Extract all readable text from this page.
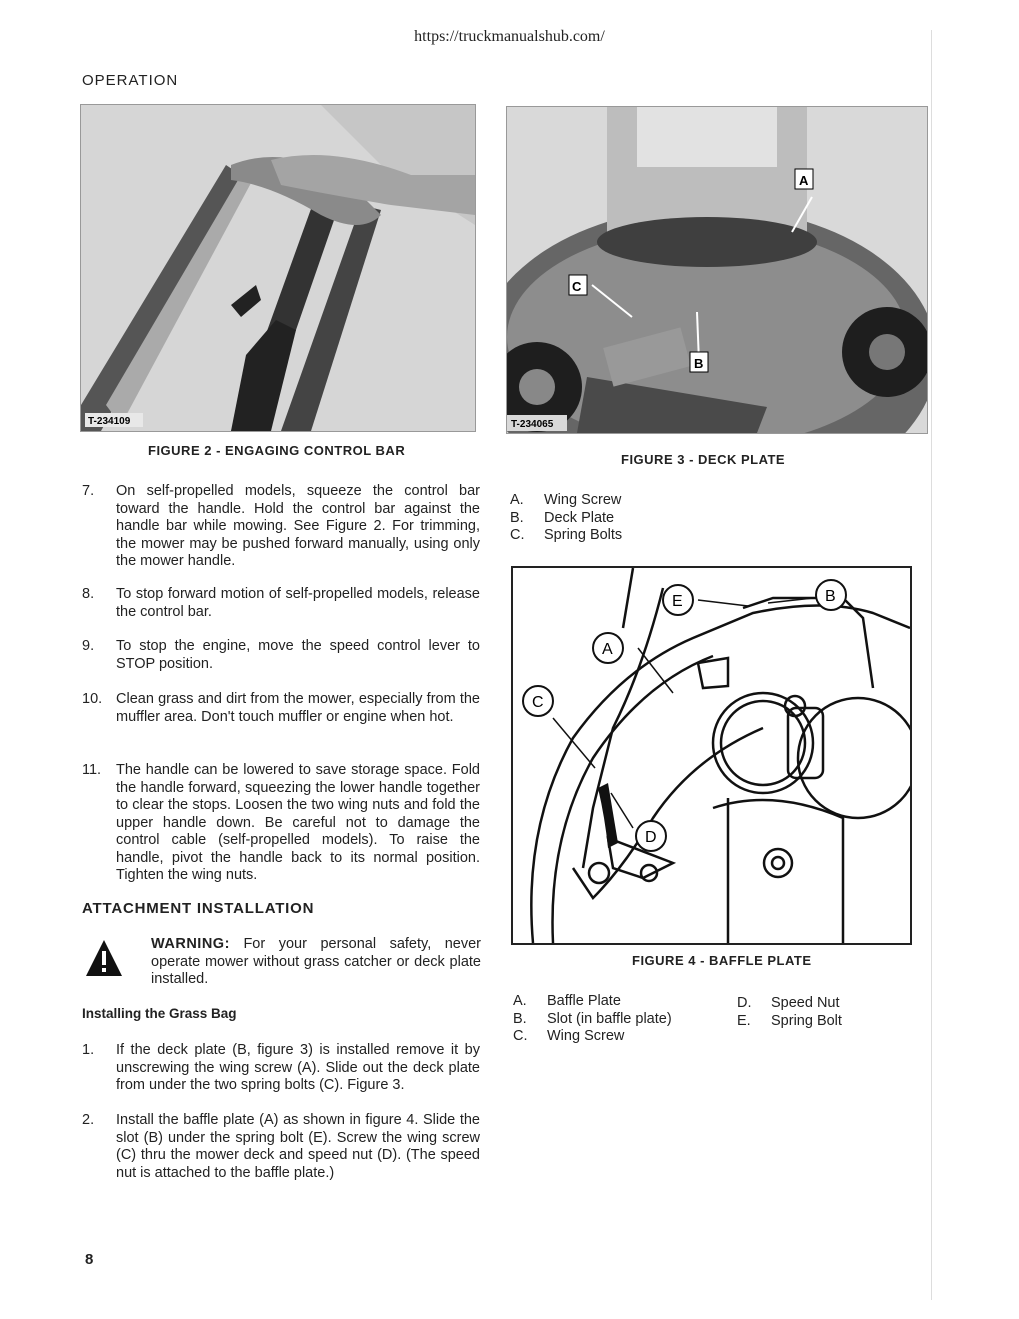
https://truckmanualshub.com/
OPERATION
T-234109
FIGURE 2 - ENGAGING CONTROL BAR
A
B
C
T-234065
FIGURE 3 - DECK PLATE
7.	On self-propelled models, squeeze the control bar toward the handle. Hold the control bar against the handle bar while mowing. See Figure 2. For trimming, the mower may be pushed forward manually, using only the mower handle.
8.	To stop forward motion of self-propelled models, release the control bar.
9.	To stop the engine, move the speed control lever to STOP position.
10. Clean grass and dirt from the mower, especially from the muffler area. Don't touch muffler or engine when hot.
11.	The handle can be lowered to save storage space. Fold the handle forward, squeezing the lower handle together to clear the stops. Loosen the two wing nuts and fold the upper handle down. Be careful not to damage the control cable (self-propelled models). To raise the handle, pivot the handle back to its normal position. Tighten the wing nuts.
A. Wing Screw
B. Deck Plate
C. Spring Bolts
A
C
D
E	B
FIGURE 4 - BAFFLE PLATE
A. Baffle Plate
B. Slot (in baffle plate)
C. Wing Screw
D. Speed Nut
E. Spring Bolt
ATTACHMENT INSTALLATION
WARNING: For your personal safety, never operate mower without grass catcher or deck plate installed.
Installing the Grass Bag
1.	If the deck plate (B, figure 3) is installed remove it by unscrewing the wing screw (A). Slide out the deck plate from under the two spring bolts (C). Figure 3.
2.	Install the baffle plate (A) as shown in figure 4. Slide the slot (B) under the spring bolt (E). Screw the wing screw (C) thru the mower deck and speed nut (D). (The speed nut is attached to the baffle plate.)
8
